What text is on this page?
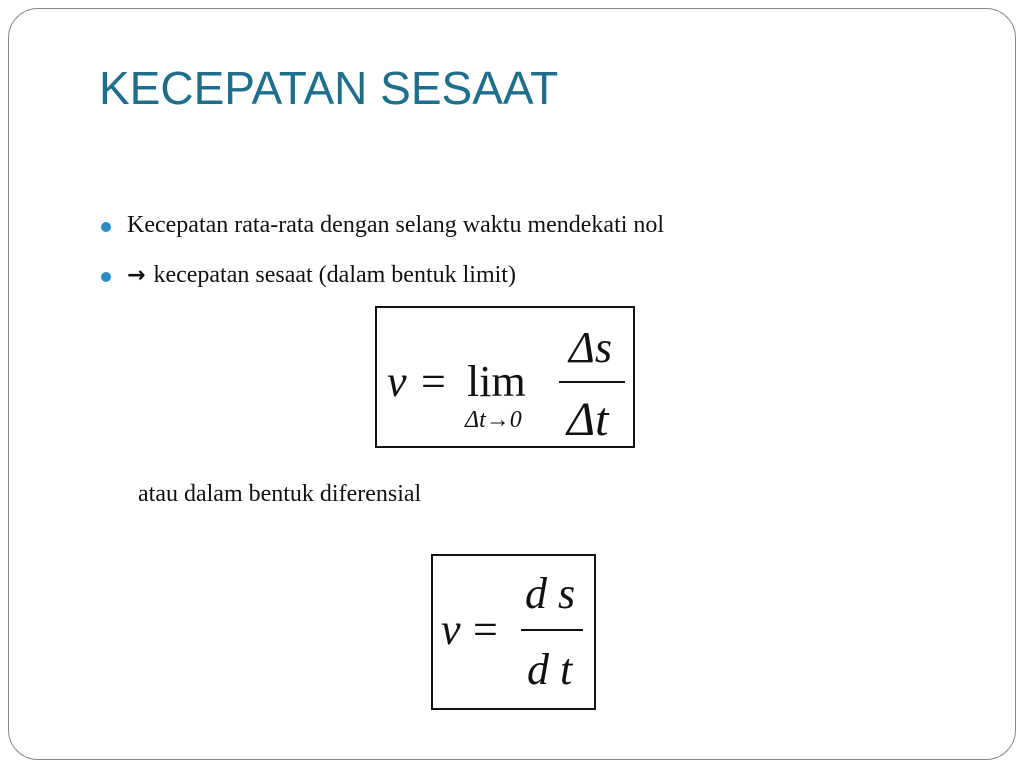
KECEPATAN SESAAT
Kecepatan rata-rata dengan selang waktu mendekati nol
→ kecepatan sesaat (dalam bentuk limit)
v = lim
Δt→0
Δs
Δt
atau dalam bentuk diferensial
v =
d s
d t
